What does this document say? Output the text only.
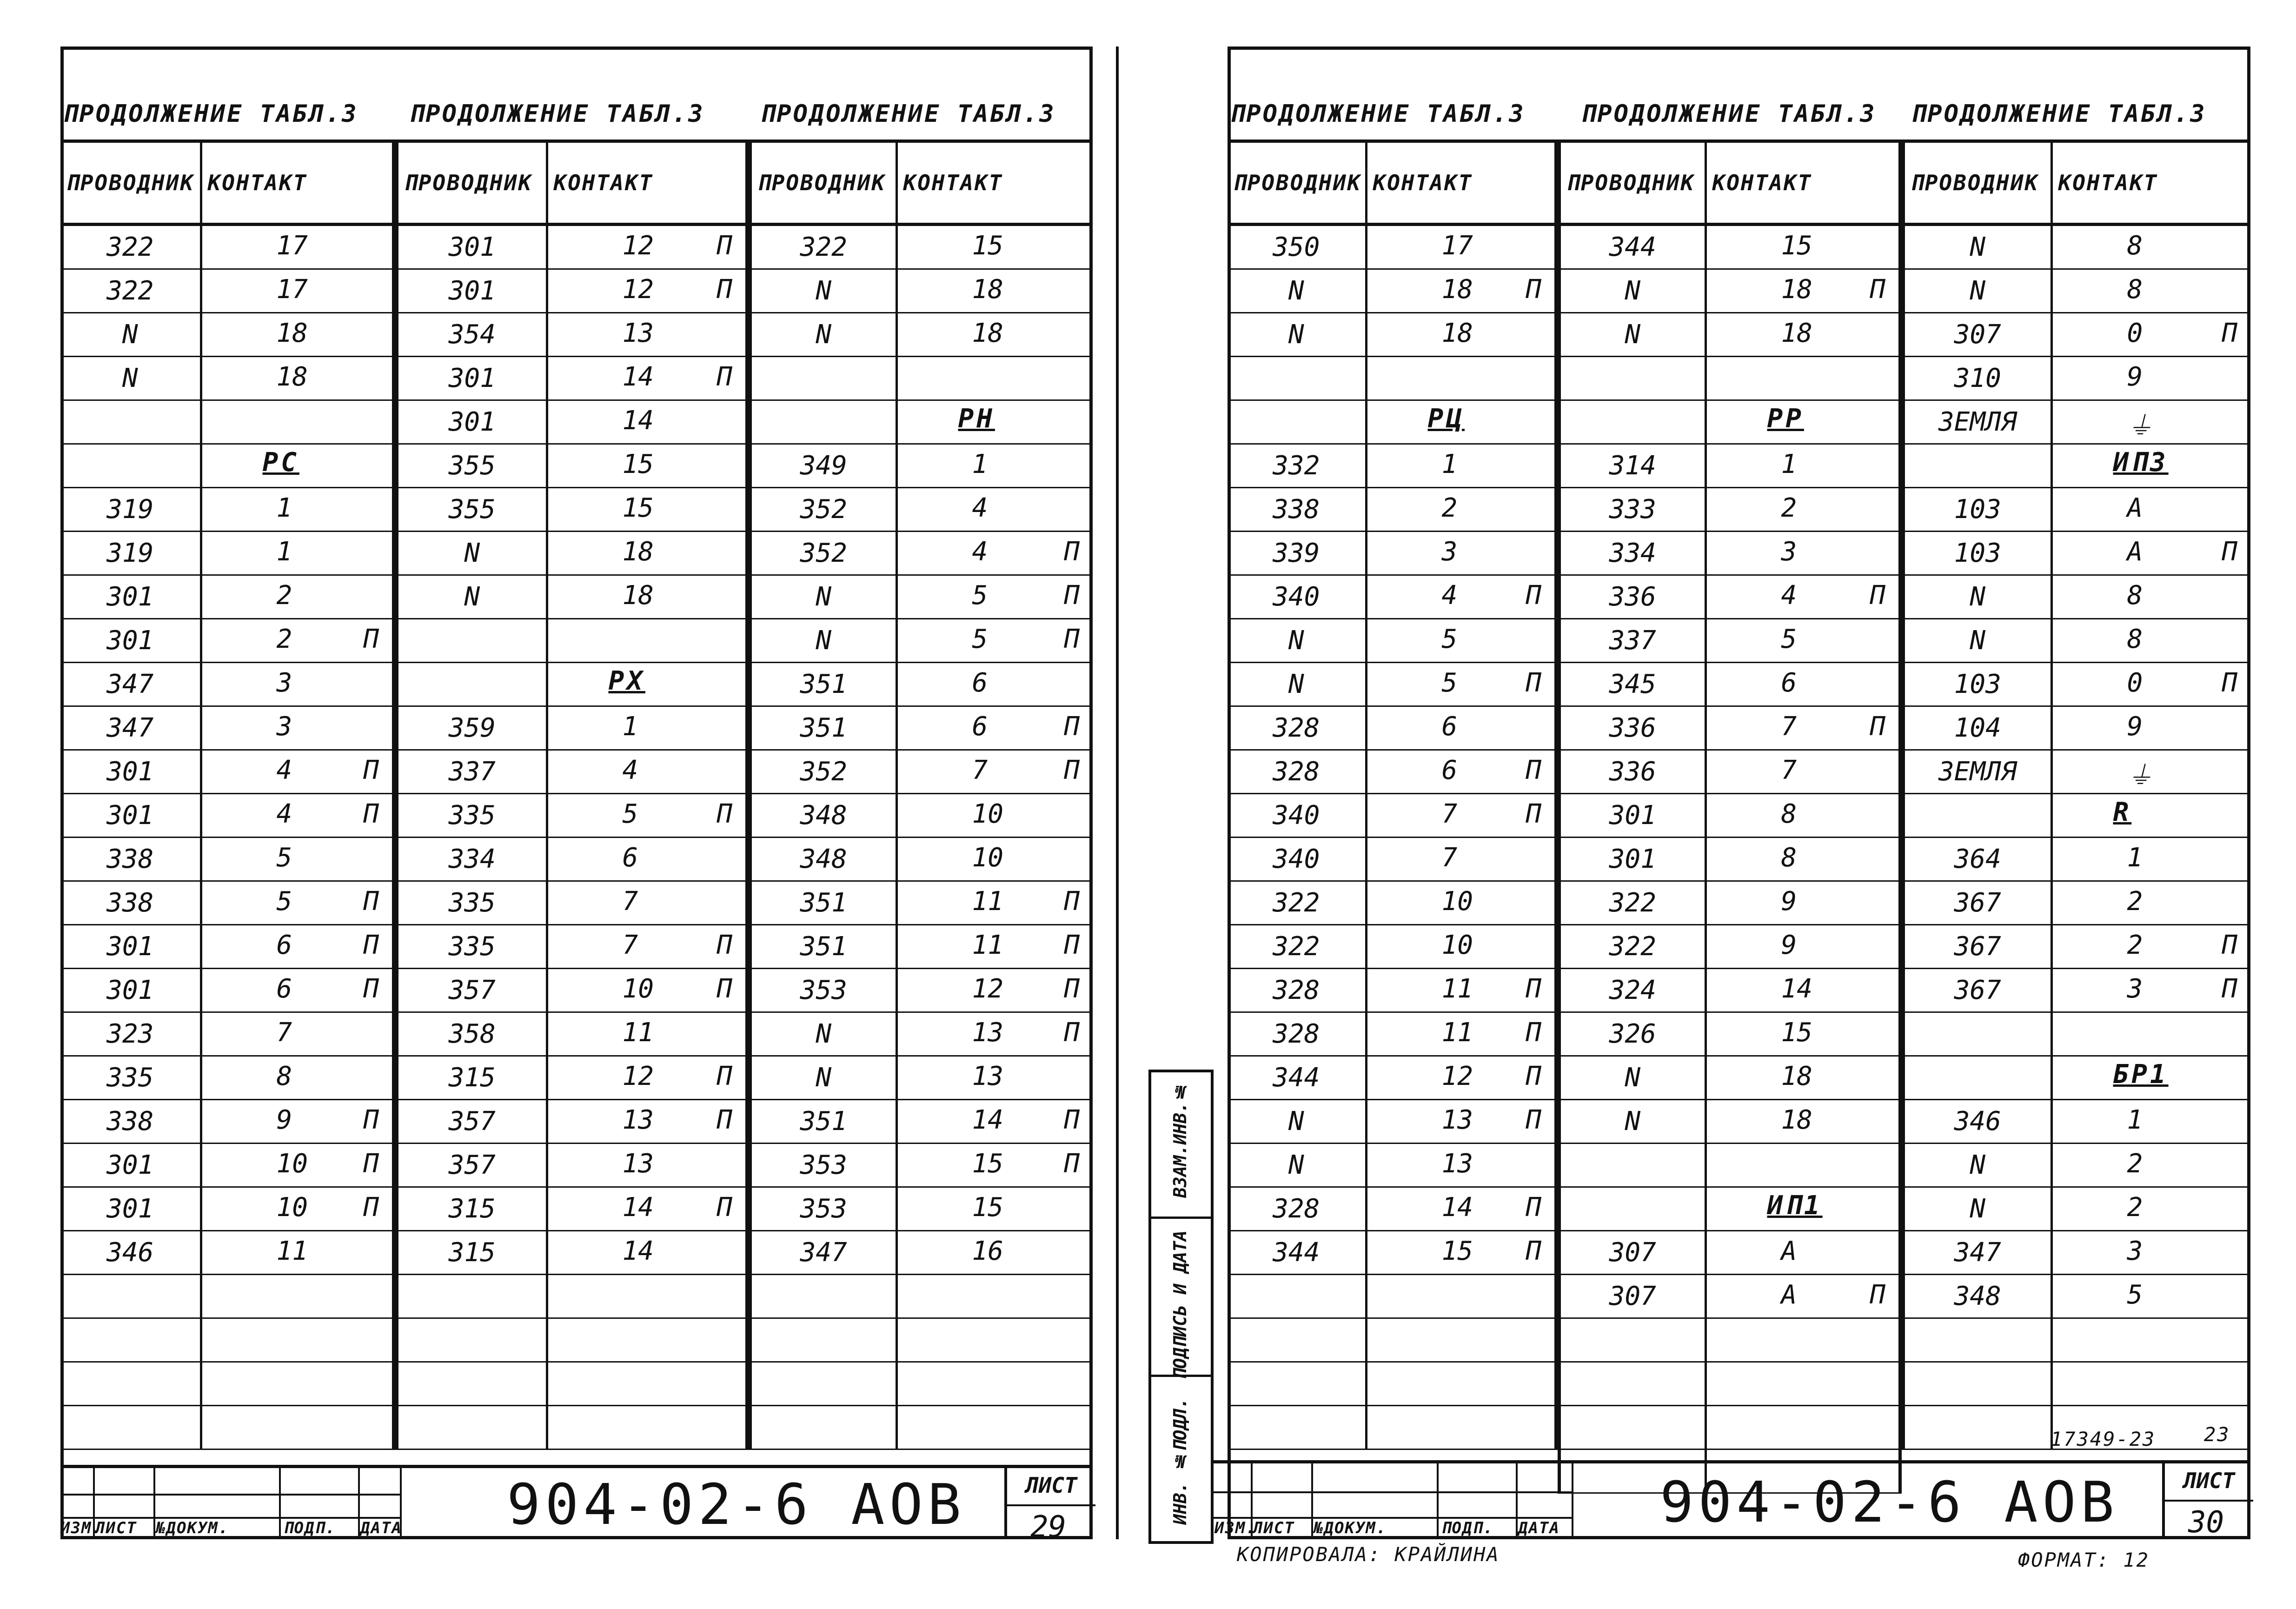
ПРОДОЛЖЕНИЕ ТАБЛ.3
ПРОВОДНИК	КОНТАКТ
322	17

322	17

N	18

N	18

	РС

319	1

319	1

301	2

301	2 П

347	3

347	3

301	4 П

301	4 П

338	5

338	5 П

301	6 П

301	6 П

323	7

335	8

338	9 П

301	10 П

301	10 П

346	11

ПРОДОЛЖЕНИЕ ТАБЛ.3
ПРОВОДНИК	КОНТАКТ
301	12 П

301	12 П

354	13

301	14 П

301	14

355	15

355	15

N	18

N	18

	РХ

359	1

337	4

335	5 П

334	6

335	7

335	7 П

357	10 П

358	11

315	12 П

357	13 П

357	13

315	14 П

315	14

ПРОДОЛЖЕНИЕ ТАБЛ.3
ПРОВОДНИК	КОНТАКТ
322	15

N	18

N	18

	РН

349	1

352	4

352	4 П

N	5 П

N	5 П

351	6

351	6 П

352	7 П

348	10

348	10

351	11 П

351	11 П

353	12 П

N	13 П

N	13

351	14 П

353	15 П

353	15

347	16

ПРОДОЛЖЕНИЕ ТАБЛ.3
ПРОВОДНИК	КОНТАКТ
350	17

N	18 П

N	18

	РЦ

332	1

338	2

339	3

340	4 П

N	5

N	5 П

328	6

328	6 П

340	7 П

340	7

322	10

322	10

328	11 П

328	11 П

344	12 П

N	13 П

N	13

328	14 П

344	15 П

ПРОДОЛЖЕНИЕ ТАБЛ.3
ПРОВОДНИК	КОНТАКТ
344	15

N	18 П

N	18

	РР

314	1

333	2

334	3

336	4 П

337	5

345	6

336	7 П

336	7

301	8

301	8

322	9

322	9

324	14

326	15

N	18

N	18

	ИП1

307	А

307	А П

ПРОДОЛЖЕНИЕ ТАБЛ.3
ПРОВОДНИК	КОНТАКТ
N	8

N	8

307	0 П

310	9

ЗЕМЛЯ	⏚

	ИП3

103	А

103	А П

N	8

N	8

103	0 П

104	9

ЗЕМЛЯ	⏚

	R

364	1

367	2

367	2 П

367	3 П

	БР1

346	1

N	2

N	2

347	3

348	5

ИЗМ.
ЛИСТ №ДОКУМ.	ПОДП. ДАТА 904-02-6 АОВ	ЛИСТ
29	ИЗМ.
ЛИСТ №ДОКУМ.	ПОДП. ДАТА 904-02-6 АОВ	ЛИСТ
30
ИНВ. №ПОДЛ.
ПОДПИСЬ И ДАТА
ВЗАМ.ИНВ.№
17349-23 23
КОПИРОВАЛА: КРАЙЛИНА	ФОРМАТ: 12
